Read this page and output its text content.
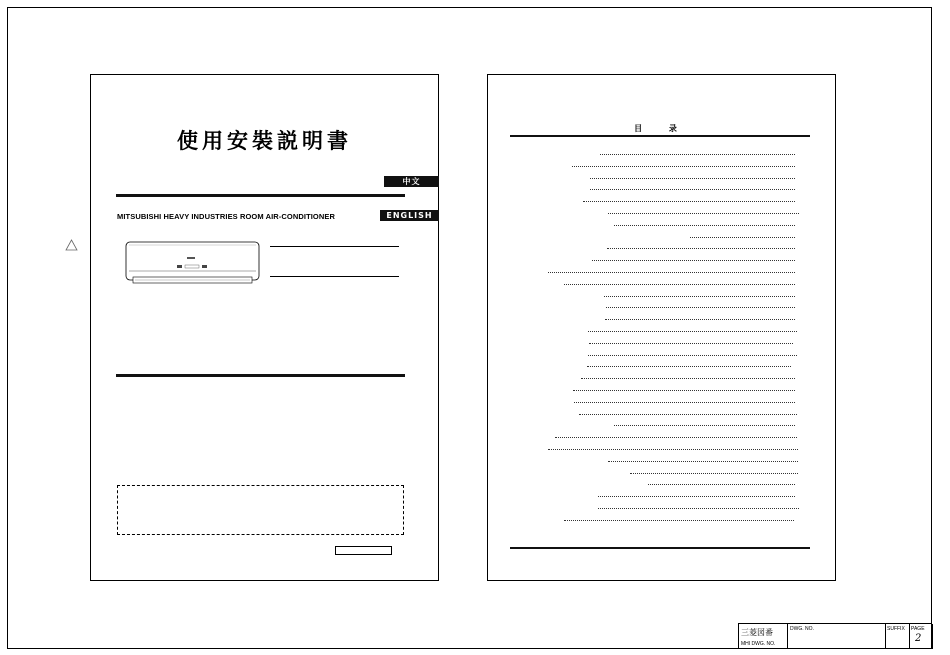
使用安裝説明書
中文
ENGLISH
MITSUBISHI HEAVY INDUSTRIES ROOM AIR-CONDITIONER
目 录
三菱図番
MHI DWG. NO.
DWG. NO.	SUFFIX PAGE
2
